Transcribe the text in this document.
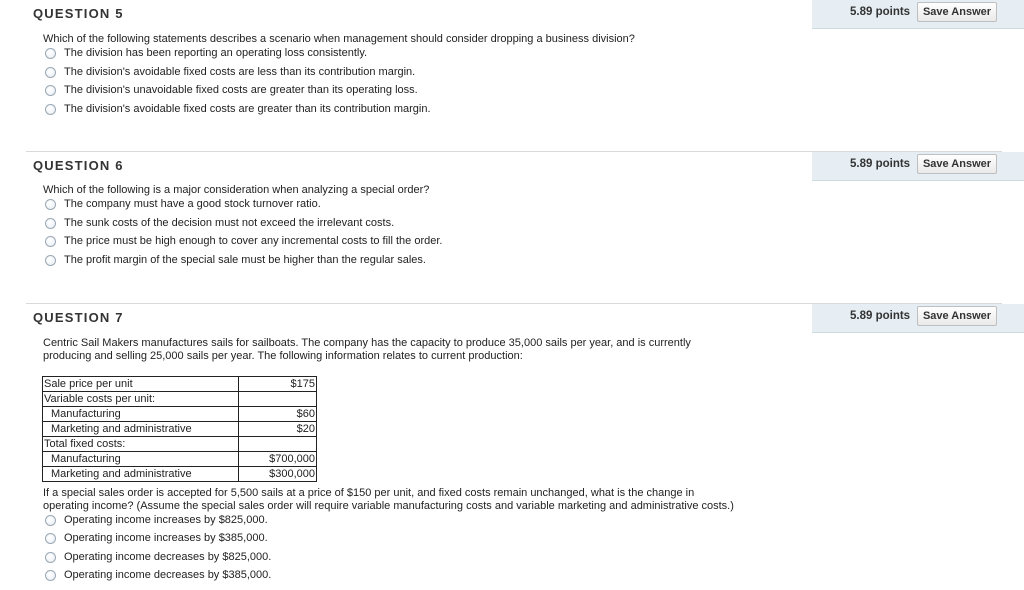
QUESTION 5	5.89 points	Save Answer
Which of the following statements describes a scenario when management should consider dropping a business division?
The division has been reporting an operating loss consistently.
The division's avoidable fixed costs are less than its contribution margin.
The division's unavoidable fixed costs are greater than its operating loss.
The division's avoidable fixed costs are greater than its contribution margin.
QUESTION 6	5.89 points	Save Answer
Which of the following is a major consideration when analyzing a special order?
The company must have a good stock turnover ratio.
The sunk costs of the decision must not exceed the irrelevant costs.
The price must be high enough to cover any incremental costs to fill the order.
The profit margin of the special sale must be higher than the regular sales.
QUESTION 7	5.89 points	Save Answer
Centric Sail Makers manufactures sails for sailboats. The company has the capacity to produce 35,000 sails per year, and is currently
producing and selling 25,000 sails per year. The following information relates to current production:
Sale price per unit	$175
Variable costs per unit:	
Manufacturing	$60
Marketing and administrative	$20
Total fixed costs:	
Manufacturing	$700,000
Marketing and administrative	$300,000
If a special sales order is accepted for 5,500 sails at a price of $150 per unit, and fixed costs remain unchanged, what is the change in
operating income? (Assume the special sales order will require variable manufacturing costs and variable marketing and administrative costs.)
Operating income increases by $825,000.
Operating income increases by $385,000.
Operating income decreases by $825,000.
Operating income decreases by $385,000.
